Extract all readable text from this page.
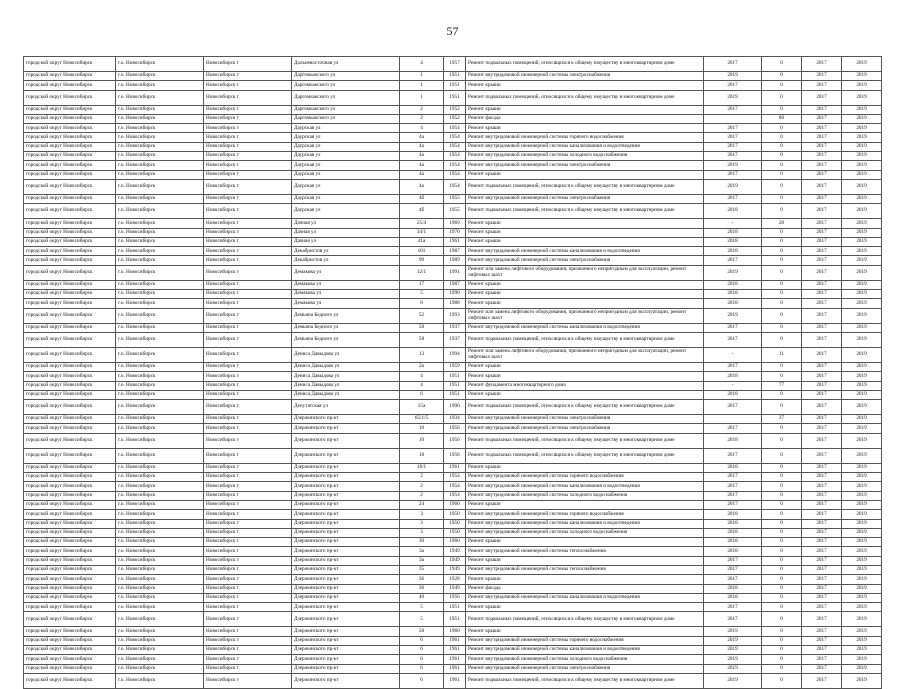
57
городской округ Новосибирск	г.о. Новосибирск	Новосибирск г	Дальневосточная ул	4	1957	Ремонт подвальных помещений, относящихся к общему имуществу в многоквартирном доме	2017	0	2017	2019
городской округ Новосибирск	г.о. Новосибирск	Новосибирск г	Даргомыжского ул	1	1951	Ремонт внутридомовой инженерной системы электроснабжения	2019	0	2017	2019
городской округ Новосибирск	г.о. Новосибирск	Новосибирск г	Даргомыжского ул	1	1951	Ремонт крыши	2017	0	2017	2019
городской округ Новосибирск	г.о. Новосибирск	Новосибирск г	Даргомыжского ул	1	1951	Ремонт подвальных помещений, относящихся к общему имуществу в многоквартирном доме	2019	0	2017	2019
городской округ Новосибирск	г.о. Новосибирск	Новосибирск г	Даргомыжского ул	2	1952	Ремонт крыши	2017	0	2017	2019
городской округ Новосибирск	г.о. Новосибирск	Новосибирск г	Даргомыжского ул	2	1952	Ремонт фасада		80	2017	2019
городской округ Новосибирск	г.о. Новосибирск	Новосибирск г	Даурская ул	4	1954	Ремонт крыши	2017	0	2017	2019
городской округ Новосибирск	г.о. Новосибирск	Новосибирск г	Даурская ул	4а	1954	Ремонт внутридомовой инженерной системы горячего водоснабжения	2017	0	2017	2019
городской округ Новосибирск	г.о. Новосибирск	Новосибирск г	Даурская ул	4а	1954	Ремонт внутридомовой инженерной системы канализования и водоотведения	2017	0	2017	2019
городской округ Новосибирск	г.о. Новосибирск	Новосибирск г	Даурская ул	4а	1954	Ремонт внутридомовой инженерной системы холодного водоснабжения	2017	0	2017	2019
городской округ Новосибирск	г.о. Новосибирск	Новосибирск г	Даурская ул	4а	1954	Ремонт внутридомовой инженерной системы электроснабжения	2019	0	2017	2019
городской округ Новосибирск	г.о. Новосибирск	Новосибирск г	Даурская ул	4а	1954	Ремонт крыши	2017	0	2017	2019
городской округ Новосибирск	г.о. Новосибирск	Новосибирск г	Даурская ул	4а	1954	Ремонт подвальных помещений, относящихся к общему имуществу в многоквартирном доме	2019	0	2017	2019
городской округ Новосибирск	г.о. Новосибирск	Новосибирск г	Даурская ул	4б	1955	Ремонт внутридомовой инженерной системы электроснабжения	2017	0	2017	2019
городской округ Новосибирск	г.о. Новосибирск	Новосибирск г	Даурская ул	4б	1955	Ремонт подвальных помещений, относящихся к общему имуществу в многоквартирном доме	2018	0	2017	2019
городской округ Новосибирск	г.о. Новосибирск	Новосибирск г	Дачная ул	25/4	1969	Ремонт крыши	-	20	2017	2019
городской округ Новосибирск	г.о. Новосибирск	Новосибирск г	Дачная ул	34/1	1970	Ремонт крыши	2018	0	2017	2019
городской округ Новосибирск	г.о. Новосибирск	Новосибирск г	Дачная ул	41а	1961	Ремонт крыши	2018	0	2017	2019
городской округ Новосибирск	г.о. Новосибирск	Новосибирск г	Декабристов ул	101	1987	Ремонт внутридомовой инженерной системы канализования и водоотведения	2018	0	2017	2019
городской округ Новосибирск	г.о. Новосибирск	Новосибирск г	Декабристов ул	99	1989	Ремонт внутридомовой инженерной системы электроснабжения	2017	0	2017	2019
городской округ Новосибирск	г.о. Новосибирск	Новосибирск г	Демакова ул	12/1	1991	Ремонт или замена лифтового оборудования, признанного непригодным для эксплуатации, ремонт лифтовых шахт	2019	0	2017	2019
городской округ Новосибирск	г.о. Новосибирск	Новосибирск г	Демакова ул	17	1987	Ремонт крыши	2018	0	2017	2019
городской округ Новосибирск	г.о. Новосибирск	Новосибирск г	Демакова ул	5	1990	Ремонт крыши	2018	0	2017	2019
городской округ Новосибирск	г.о. Новосибирск	Новосибирск г	Демакова ул	8	1988	Ремонт крыши	2018	0	2017	2019
городской округ Новосибирск	г.о. Новосибирск	Новосибирск г	Демьяна Бедного ул	52	1993	Ремонт или замена лифтового оборудования, признанного непригодным для эксплуатации, ремонт лифтовых шахт	2019	0	2017	2019
городской округ Новосибирск	г.о. Новосибирск	Новосибирск г	Демьяна Бедного ул	58	1937	Ремонт внутридомовой инженерной системы канализования и водоотведения	2017	0	2017	2019
городской округ Новосибирск	г.о. Новосибирск	Новосибирск г	Демьяна Бедного ул	58	1937	Ремонт подвальных помещений, относящихся к общему имуществу в многоквартирном доме	2017	0	2017	2019
городской округ Новосибирск	г.о. Новосибирск	Новосибирск г	Дениса Давыдова ул	13	1994	Ремонт или замена лифтового оборудования, признанного непригодным для эксплуатации, ремонт лифтовых шахт	-	11	2017	2019
городской округ Новосибирск	г.о. Новосибирск	Новосибирск г	Дениса Давыдова ул	2а	1959	Ремонт крыши	2017	0	2017	2019
городской округ Новосибирск	г.о. Новосибирск	Новосибирск г	Дениса Давыдова ул	4	1951	Ремонт крыши	2018	0	2017	2019
городской округ Новосибирск	г.о. Новосибирск	Новосибирск г	Дениса Давыдова ул	4	1951	Ремонт фундамента многоквартирного дома	-	77	2017	2019
городской округ Новосибирск	г.о. Новосибирск	Новосибирск г	Дениса Давыдова ул	6	1951	Ремонт крыши	2018	0	2017	2019
городской округ Новосибирск	г.о. Новосибирск	Новосибирск г	Депутатская ул	15а	1990	Ремонт подвальных помещений, относящихся к общему имуществу в многоквартирном доме	2017	0	2017	2019
городской округ Новосибирск	г.о. Новосибирск	Новосибирск г	Дзержинского пр-кт	65/1/5	1934	Ремонт внутридомовой инженерной системы электроснабжения		37	2017	2019
городской округ Новосибирск	г.о. Новосибирск	Новосибирск г	Дзержинского пр-кт	10	1956	Ремонт внутридомовой инженерной системы электроснабжения	2017	0	2017	2019
городской округ Новосибирск	г.о. Новосибирск	Новосибирск г	Дзержинского пр-кт	10	1956	Ремонт подвальных помещений, относящихся к общему имуществу в многоквартирном доме	2018	0	2017	2019
городской округ Новосибирск	г.о. Новосибирск	Новосибирск г	Дзержинского пр-кт	18	1958	Ремонт подвальных помещений, относящихся к общему имуществу в многоквартирном доме	2017	0	2017	2019
городской округ Новосибирск	г.о. Новосибирск	Новосибирск г	Дзержинского пр-кт	18/1	1961	Ремонт крыши	2018	0	2017	2019
городской округ Новосибирск	г.о. Новосибирск	Новосибирск г	Дзержинского пр-кт	2	1954	Ремонт внутридомовой инженерной системы горячего водоснабжения	2017	0	2017	2019
городской округ Новосибирск	г.о. Новосибирск	Новосибирск г	Дзержинского пр-кт	2	1954	Ремонт внутридомовой инженерной системы канализования и водоотведения	2017	0	2017	2019
городской округ Новосибирск	г.о. Новосибирск	Новосибирск г	Дзержинского пр-кт	2	1954	Ремонт внутридомовой инженерной системы холодного водоснабжения	2017	0	2017	2019
городской округ Новосибирск	г.о. Новосибирск	Новосибирск г	Дзержинского пр-кт	24	1960	Ремонт крыши	2017	0	2017	2019
городской округ Новосибирск	г.о. Новосибирск	Новосибирск г	Дзержинского пр-кт	3	1950	Ремонт внутридомовой инженерной системы горячего водоснабжения	2018	0	2017	2019
городской округ Новосибирск	г.о. Новосибирск	Новосибирск г	Дзержинского пр-кт	3	1950	Ремонт внутридомовой инженерной системы канализования и водоотведения	2018	0	2017	2019
городской округ Новосибирск	г.о. Новосибирск	Новосибирск г	Дзержинского пр-кт	3	1950	Ремонт внутридомовой инженерной системы холодного водоснабжения	2018	0	2017	2019
городской округ Новосибирск	г.о. Новосибирск	Новосибирск г	Дзержинского пр-кт	30	1960	Ремонт крыши	2018	0	2017	2019
городской округ Новосибирск	г.о. Новосибирск	Новосибирск г	Дзержинского пр-кт	3а	1949	Ремонт внутридомовой инженерной системы теплоснабжения	2018	0	2017	2019
городской округ Новосибирск	г.о. Новосибирск	Новосибирск г	Дзержинского пр-кт	3а	1949	Ремонт крыши	2017	0	2017	2019
городской округ Новосибирск	г.о. Новосибирск	Новосибирск г	Дзержинского пр-кт	35	1949	Ремонт внутридомовой инженерной системы теплоснабжения	2017	0	2017	2019
городской округ Новосибирск	г.о. Новосибирск	Новосибирск г	Дзержинского пр-кт	36	1928	Ремонт крыши	2017	0	2017	2019
городской округ Новосибирск	г.о. Новосибирск	Новосибирск г	Дзержинского пр-кт	36	1949	Ремонт фасада	2018	0	2017	2019
городской округ Новосибирск	г.о. Новосибирск	Новосибирск г	Дзержинского пр-кт	40	1956	Ремонт внутридомовой инженерной системы канализования и водоотведения	2018	0	2017	2019
городской округ Новосибирск	г.о. Новосибирск	Новосибирск г	Дзержинского пр-кт	5	1951	Ремонт крыши	2017	0	2017	2019
городской округ Новосибирск	г.о. Новосибирск	Новосибирск г	Дзержинского пр-кт	5	1951	Ремонт подвальных помещений, относящихся к общему имуществу в многоквартирном доме	2017	0	2017	2019
городской округ Новосибирск	г.о. Новосибирск	Новосибирск г	Дзержинского пр-кт	58	1960	Ремонт крыши	2019	0	2017	2019
городской округ Новосибирск	г.о. Новосибирск	Новосибирск г	Дзержинского пр-кт	6	1961	Ремонт внутридомовой инженерной системы горячего водоснабжения	2019	0	2017	2019
городской округ Новосибирск	г.о. Новосибирск	Новосибирск г	Дзержинского пр-кт	6	1961	Ремонт внутридомовой инженерной системы канализования и водоотведения	2019	0	2017	2019
городской округ Новосибирск	г.о. Новосибирск	Новосибирск г	Дзержинского пр-кт	6	1961	Ремонт внутридомовой инженерной системы холодного водоснабжения	2019	0	2017	2019
городской округ Новосибирск	г.о. Новосибирск	Новосибирск г	Дзержинского пр-кт	6	1961	Ремонт внутридомовой инженерной системы электроснабжения	2019	0	2017	2019
городской округ Новосибирск	г.о. Новосибирск	Новосибирск г	Дзержинского пр-кт	6	1961	Ремонт подвальных помещений, относящихся к общему имуществу в многоквартирном доме	2019	0	2017	2019
